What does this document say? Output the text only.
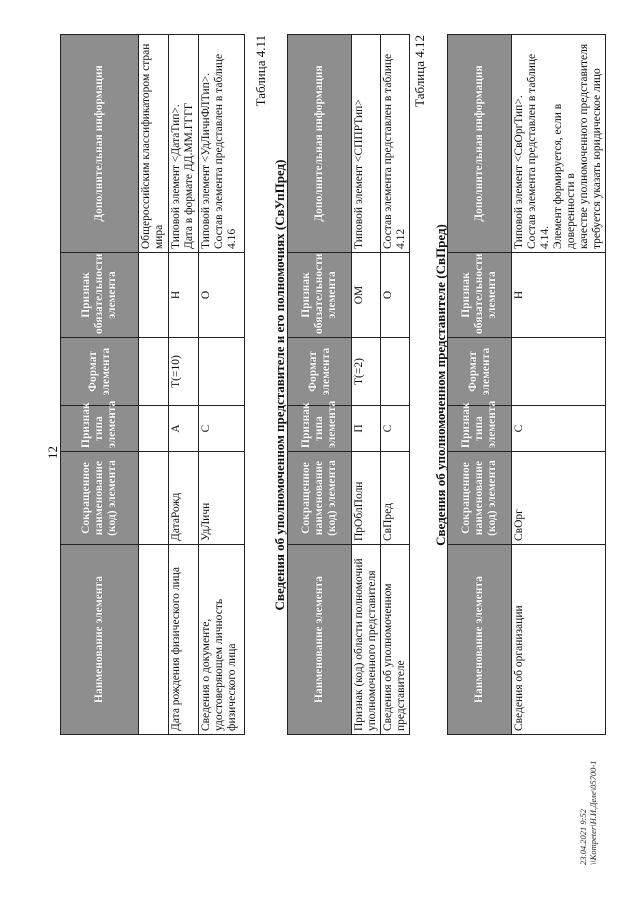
12
Наименование элемента	Сокращенное наименование (код) элемента	Признак типа элемента	Формат элемента	Признак обязательности элемента	Дополнительная информация

					Общероссийским классификатором стран мира

Дата рождения физического лица	ДатаРожд	А	T(=10)	Н	Типовой элемент <ДатаТип>. Дата в формате ДД.ММ.ГГГГ

Сведения о документе, удостоверяющем личность физического лица	УдЛичн	С		О	Типовой элемент <УдЛичнФЛТип>. Состав элемента представлен в таблице 4.16
Таблица 4.11
Сведения об уполномоченном представителе и его полномочиях (СвУпПред)
Наименование элемента	Сокращенное наименование (код) элемента	Признак типа элемента	Формат элемента	Признак обязательности элемента	Дополнительная информация
Признак (код) области полномочий уполномоченного представителя	ПрОблПолн	П	T(=2)	ОМ	Типовой элемент <СППРТип>

Сведения об уполномоченном представителе	СвПред	С		О	Состав элемента представлен в таблице 4.12
Таблица 4.12
Сведения об уполномоченном представителе (СвПред)
Наименование элемента	Сокращенное наименование (код) элемента	Признак типа элемента	Формат элемента	Признак обязательности элемента	Дополнительная информация
Сведения об организации	СвОрг	С		Н	Типовой элемент <СвОргТип>. Состав элемента представлен в таблице 4.14. Элемент формируется, если в доверенности в качестве уполномоченного представителя требуется указать юридическое лицо
23.04.2021 9:52 \\Kompeter\Н.И.Деле\05700-1
